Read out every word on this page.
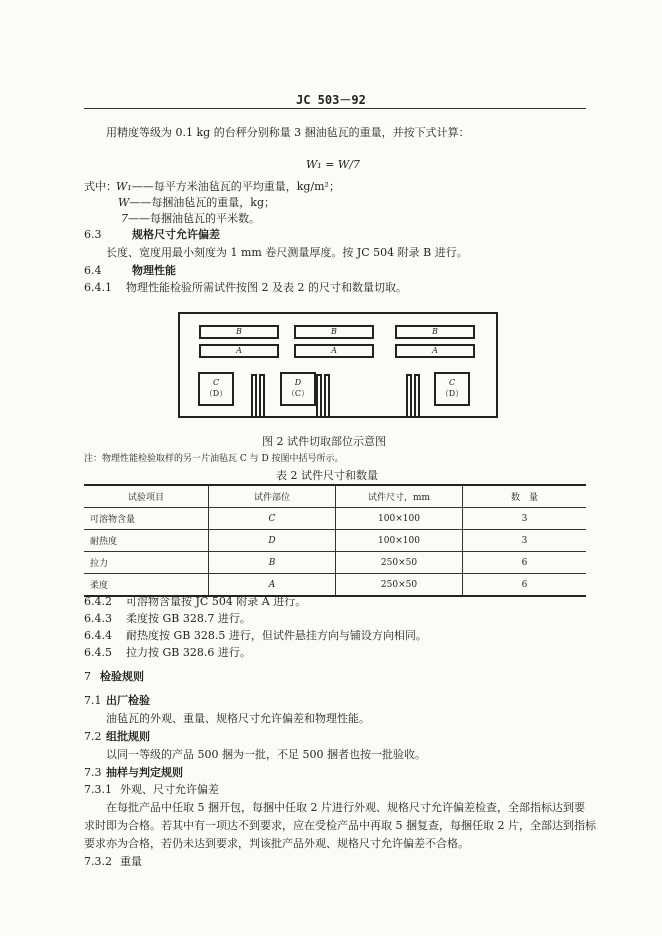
JC 503－92
用精度等级为 0.1 kg 的台秤分别称量 3 捆油毡瓦的重量，并按下式计算：
W₁ = W/7
式中： W₁——每平方米油毡瓦的平均重量，kg/m²；
W——每捆油毡瓦的重量，kg；
7——每捆油毡瓦的平米数。
6.3	规格尺寸允许偏差
长度、宽度用最小刻度为 1 mm 卷尺测量厚度。按 JC 504 附录 B 进行。
6.4	物理性能
6.4.1 物理性能检验所需试件按图 2 及表 2 的尺寸和数量切取。
B
A
B
A
B
A
C
（D）
D
（C）
C
（D）
图 2 试件切取部位示意图
注：物理性能检验取样的另一片油毡瓦 C 与 D 按图中括号所示。
表 2 试件尺寸和数量
试验项目	试件部位	试件尺寸，mm	数　量
可溶物含量	C	100×100	3
耐热度	D	100×100	3
拉力	B	250×50	6
柔度	A	250×50	6
6.4.2 可溶物含量按 JC 504 附录 A 进行。
6.4.3 柔度按 GB 328.7 进行。
6.4.4 耐热度按 GB 328.5 进行，但试件悬挂方向与铺设方向相同。
6.4.5 拉力按 GB 328.6 进行。
7 检验规则
7.1 出厂检验
油毡瓦的外观、重量、规格尺寸允许偏差和物理性能。
7.2 组批规则
以同一等级的产品 500 捆为一批，不足 500 捆者也按一批验收。
7.3 抽样与判定规则
7.3.1 外观、尺寸允许偏差
在每批产品中任取 5 捆开包，每捆中任取 2 片进行外观、规格尺寸允许偏差检查，全部指标达到要
求时即为合格。若其中有一项达不到要求，应在受检产品中再取 5 捆复查，每捆任取 2 片，全部达到指标
要求亦为合格，若仍未达到要求，判该批产品外观、规格尺寸允许偏差不合格。
7.3.2 重量
